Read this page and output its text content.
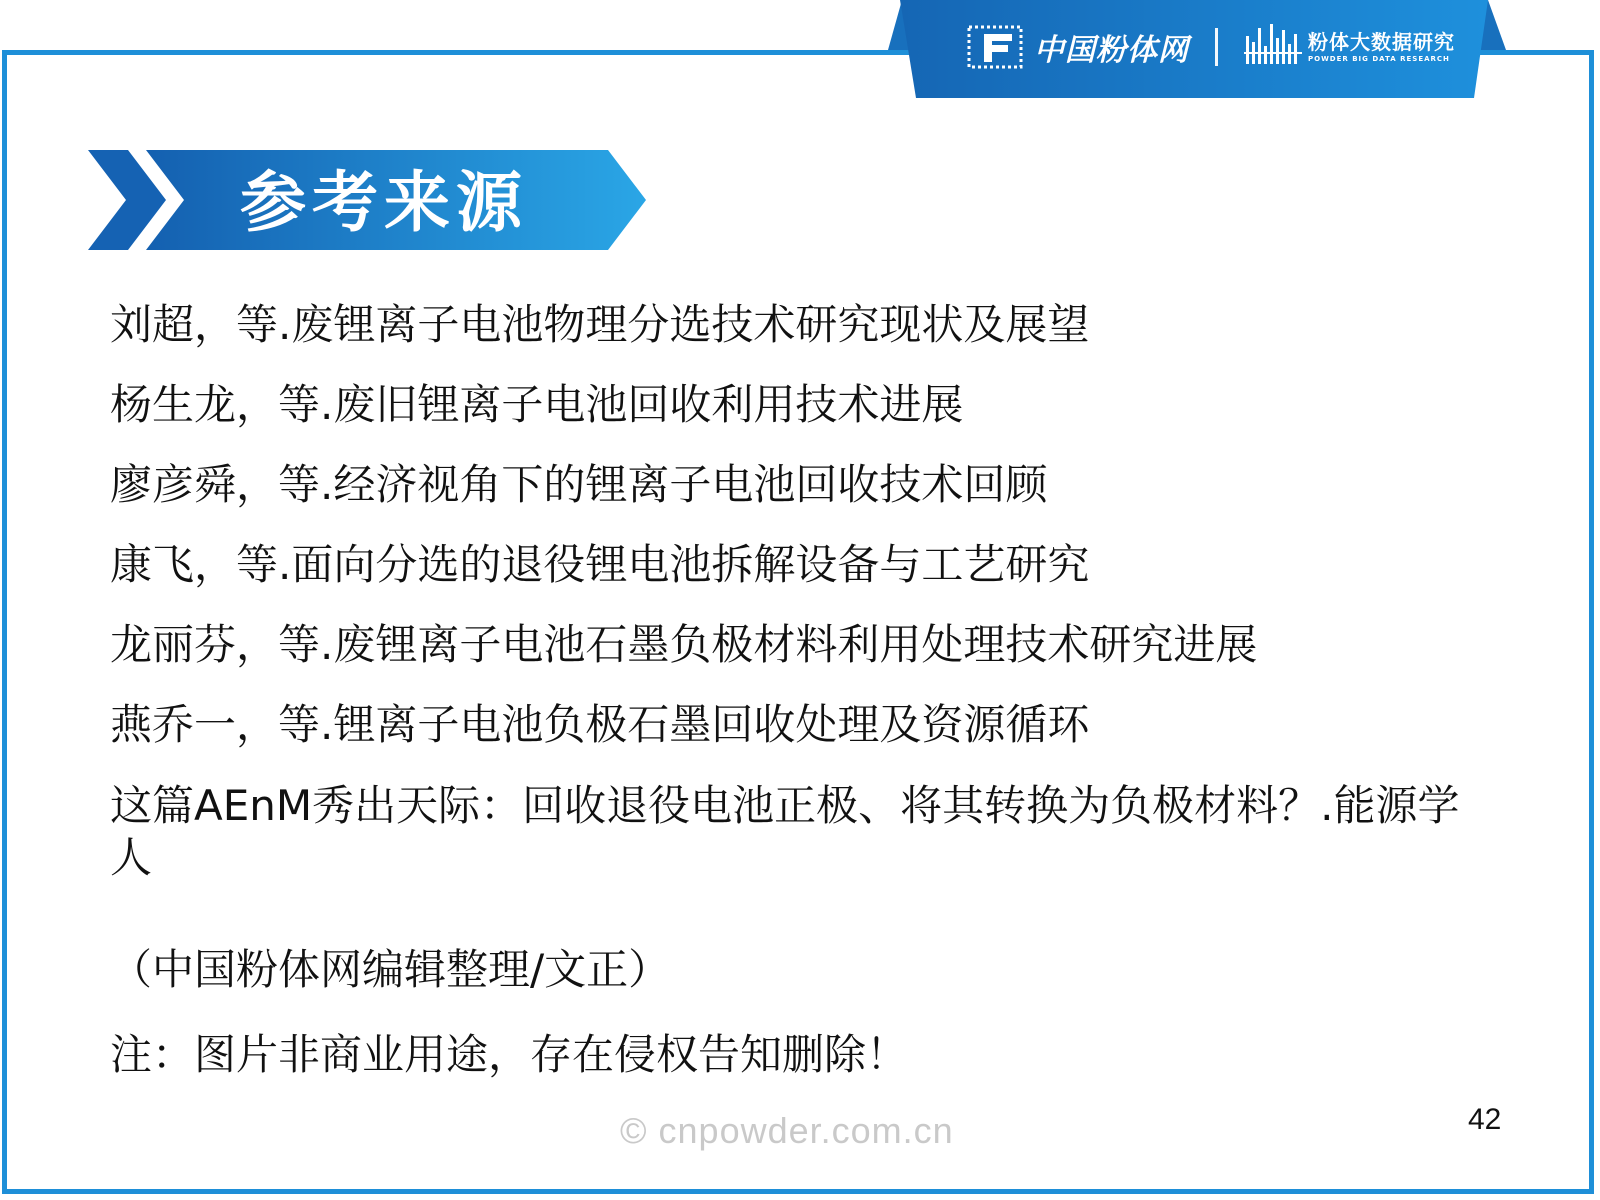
中国粉体网	粉体大数据研究
POWDER BIG DATA RESEARCH
参考来源
刘超，等.废锂离子电池物理分选技术研究现状及展望
杨生龙，等.废旧锂离子电池回收利用技术进展
廖彦舜，等.经济视角下的锂离子电池回收技术回顾
康飞，等.面向分选的退役锂电池拆解设备与工艺研究
龙丽芬，等.废锂离子电池石墨负极材料利用处理技术研究进展
燕乔一，等.锂离子电池负极石墨回收处理及资源循环
这篇AEnM秀出天际：回收退役电池正极、将其转换为负极材料？.能源学人
（中国粉体网编辑整理/文正）
注：图片非商业用途，存在侵权告知删除！
© cnpowder.com.cn	42
